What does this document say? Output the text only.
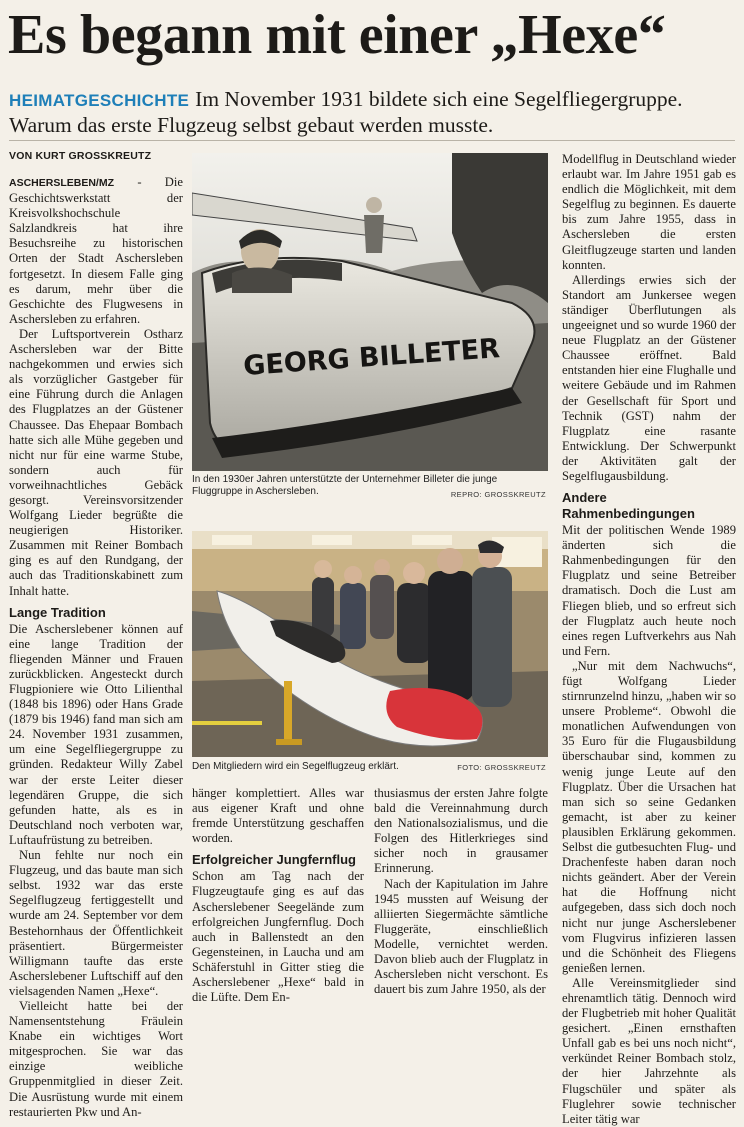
Es begann mit einer „Hexe“
HEIMATGESCHICHTE Im November 1931 bildete sich eine Segelfliegergruppe. Warum das erste Flugzeug selbst gebaut werden musste.
VON KURT GROSSKREUTZ

ASCHERSLEBEN/MZ - Die Geschichtswerkstatt der Kreisvolkshochschule Salzlandkreis hat ihre Besuchsreihe zu historischen Orten der Stadt Aschersleben fortgesetzt. In diesem Falle ging es darum, mehr über die Geschichte des Flugwesens in Aschersleben zu erfahren.

Der Luftsportverein Ostharz Aschersleben war der Bitte nachgekommen und erwies sich als vorzüglicher Gastgeber für eine Führung durch die Anlagen des Flugplatzes an der Güstener Chaussee. Das Ehepaar Bombach hatte sich alle Mühe gegeben und nicht nur für eine warme Stube, sondern auch für vorweihnachtliches Gebäck gesorgt. Vereinsvorsitzender Wolfgang Lieder begrüßte die neugierigen Historiker. Zusammen mit Reiner Bombach ging es auf den Rundgang, der auch das Traditionskabinett zum Inhalt hatte.

Lange Tradition

Die Ascherslebener können auf eine lange Tradition der fliegenden Männer und Frauen zurückblicken. Angesteckt durch Flugpioniere wie Otto Lilienthal (1848 bis 1896) oder Hans Grade (1879 bis 1946) fand man sich am 24. November 1931 zusammen, um eine Segelfliegergruppe zu gründen. Redakteur Willy Zabel war der erste Leiter dieser legendären Gruppe, die sich gefunden hatte, als es in Deutschland noch verboten war, Luftaufrüstung zu betreiben.

Nun fehlte nur noch ein Flugzeug, und das baute man sich selbst. 1932 war das erste Segelflugzeug fertiggestellt und wurde am 24. September vor dem Bestehornhaus der Öffentlichkeit präsentiert. Bürgermeister Willigmann taufte das erste Ascherslebener Luftschiff auf den vielsagenden Namen „Hexe“.

Vielleicht hatte bei der Namensentstehung Fräulein Knabe ein wichtiges Wort mitgesprochen. Sie war das einzige weibliche Gruppenmitglied in dieser Zeit. Die Ausrüstung wurde mit einem restaurierten Pkw und An-

GEORG BILLETER
In den 1930er Jahren unterstützte der Unternehmer Billeter die junge Fluggruppe in Aschersleben.	REPRO: GROSSKREUTZ
Den Mitgliedern wird ein Segelflugzeug erklärt.	FOTO: GROSSKREUTZ

hänger komplettiert. Alles war aus eigener Kraft und ohne fremde Unterstützung geschaffen worden.

Erfolgreicher Jungfernflug

Schon am Tag nach der Flugzeugtaufe ging es auf das Ascherslebener Seegelände zum erfolgreichen Jungfernflug. Doch auch in Ballenstedt an den Gegensteinen, in Laucha und am Schäferstuhl in Gitter stieg die Ascherslebener „Hexe“ bald in die Lüfte. Dem En-

thusiasmus der ersten Jahre folgte bald die Vereinnahmung durch den Nationalsozialismus, und die Folgen des Hitlerkrieges sind sicher noch in grausamer Erinnerung.

Nach der Kapitulation im Jahre 1945 mussten auf Weisung der alliierten Siegermächte sämtliche Fluggeräte, einschließlich Modelle, vernichtet werden. Davon blieb auch der Flugplatz in Aschersleben nicht verschont. Es dauert bis zum Jahre 1950, als der

Modellflug in Deutschland wieder erlaubt war. Im Jahre 1951 gab es endlich die Möglichkeit, mit dem Segelflug zu beginnen. Es dauerte bis zum Jahre 1955, dass in Aschersleben die ersten Gleitflugzeuge starten und landen konnten.

Allerdings erwies sich der Standort am Junkersee wegen ständiger Überflutungen als ungeeignet und so wurde 1960 der neue Flugplatz an der Güstener Chaussee eröffnet. Bald entstanden hier eine Flughalle und weitere Gebäude und im Rahmen der Gesellschaft für Sport und Technik (GST) nahm der Flugplatz eine rasante Entwicklung. Der Schwerpunkt der Aktivitäten galt der Segelflugausbildung.

Andere Rahmenbedingungen

Mit der politischen Wende 1989 änderten sich die Rahmenbedingungen für den Flugplatz und seine Betreiber dramatisch. Doch die Lust am Fliegen blieb, und so erfreut sich der Flugplatz auch heute noch eines regen Luftverkehrs aus Nah und Fern.

„Nur mit dem Nachwuchs“, fügt Wolfgang Lieder stirnrunzelnd hinzu, „haben wir so unsere Probleme“. Obwohl die monatlichen Aufwendungen von 35 Euro für die Flugausbildung überschaubar sind, kommen zu wenig junge Leute auf den Flugplatz. Über die Ursachen hat man sich so seine Gedanken gemacht, ist aber zu keiner plausiblen Erklärung gekommen. Selbst die gutbesuchten Flug- und Drachenfeste haben daran noch nichts geändert. Aber der Verein hat die Hoffnung nicht aufgegeben, dass sich doch noch nicht nur junge Ascherslebener vom Flugvirus infizieren lassen und die Schönheit des Fliegens genießen lernen.

Alle Vereinsmitglieder sind ehrenamtlich tätig. Dennoch wird der Flugbetrieb mit hoher Qualität gesichert. „Einen ernsthaften Unfall gab es bei uns noch nicht“, verkündet Reiner Bombach stolz, der hier Jahrzehnte als Flugschüler und später als Fluglehrer sowie technischer Leiter tätig war
